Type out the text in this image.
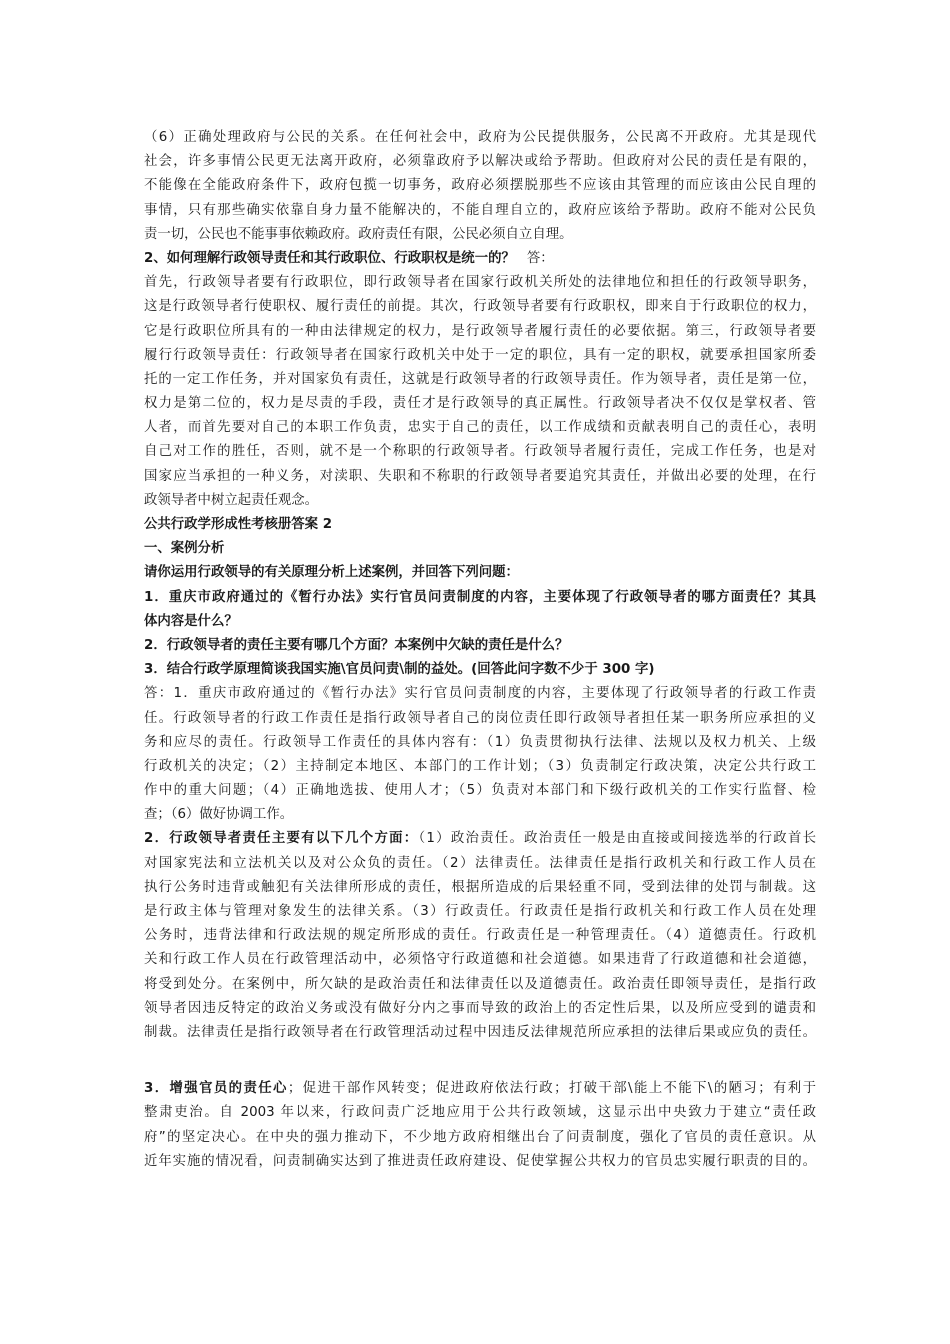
（6）正确处理政府与公民的关系。在任何社会中，政府为公民提供服务，公民离不开政府。尤其是现代
社会，许多事情公民更无法离开政府，必须靠政府予以解决或给予帮助。但政府对公民的责任是有限的，
不能像在全能政府条件下，政府包揽一切事务，政府必须摆脱那些不应该由其管理的而应该由公民自理的
事情，只有那些确实依靠自身力量不能解决的，不能自理自立的，政府应该给予帮助。政府不能对公民负
责一切，公民也不能事事依赖政府。政府责任有限，公民必须自立自理。
2、如何理解行政领导责任和其行政职位、行政职权是统一的？ 答：
首先，行政领导者要有行政职位，即行政领导者在国家行政机关所处的法律地位和担任的行政领导职务，
这是行政领导者行使职权、履行责任的前提。其次，行政领导者要有行政职权，即来自于行政职位的权力，
它是行政职位所具有的一种由法律规定的权力，是行政领导者履行责任的必要依据。第三，行政领导者要
履行行政领导责任：行政领导者在国家行政机关中处于一定的职位，具有一定的职权，就要承担国家所委
托的一定工作任务，并对国家负有责任，这就是行政领导者的行政领导责任。作为领导者，责任是第一位，
权力是第二位的，权力是尽责的手段，责任才是行政领导的真正属性。行政领导者决不仅仅是掌权者、管
人者，而首先要对自己的本职工作负责，忠实于自己的责任，以工作成绩和贡献表明自己的责任心，表明
自己对工作的胜任，否则，就不是一个称职的行政领导者。行政领导者履行责任，完成工作任务，也是对
国家应当承担的一种义务，对渎职、失职和不称职的行政领导者要追究其责任，并做出必要的处理，在行
政领导者中树立起责任观念。
公共行政学形成性考核册答案 2
一、案例分析
请你运用行政领导的有关原理分析上述案例，并回答下列问题：
1．重庆市政府通过的《暂行办法》实行官员问责制度的内容，主要体现了行政领导者的哪方面责任？其具
体内容是什么？
2．行政领导者的责任主要有哪几个方面？本案例中欠缺的责任是什么？
3．结合行政学原理简谈我国实施\官员问责\制的益处。(回答此问字数不少于 300 字)
答：1．重庆市政府通过的《暂行办法》实行官员问责制度的内容，主要体现了行政领导者的行政工作责
任。行政领导者的行政工作责任是指行政领导者自己的岗位责任即行政领导者担任某一职务所应承担的义
务和应尽的责任。行政领导工作责任的具体内容有：（1）负责贯彻执行法律、法规以及权力机关、上级
行政机关的决定；（2）主持制定本地区、本部门的工作计划；（3）负责制定行政决策，决定公共行政工
作中的重大问题；（4）正确地选拔、使用人才；（5）负责对本部门和下级行政机关的工作实行监督、检
查；（6）做好协调工作。
2．行政领导者责任主要有以下几个方面：（1）政治责任。政治责任一般是由直接或间接选举的行政首长
对国家宪法和立法机关以及对公众负的责任。（2）法律责任。法律责任是指行政机关和行政工作人员在
执行公务时违背或触犯有关法律所形成的责任，根据所造成的后果轻重不同，受到法律的处罚与制裁。这
是行政主体与管理对象发生的法律关系。（3）行政责任。行政责任是指行政机关和行政工作人员在处理
公务时，违背法律和行政法规的规定所形成的责任。行政责任是一种管理责任。（4）道德责任。行政机
关和行政工作人员在行政管理活动中，必须恪守行政道德和社会道德。如果违背了行政道德和社会道德，
将受到处分。在案例中，所欠缺的是政治责任和法律责任以及道德责任。政治责任即领导责任，是指行政
领导者因违反特定的政治义务或没有做好分内之事而导致的政治上的否定性后果，以及所应受到的谴责和
制裁。法律责任是指行政领导者在行政管理活动过程中因违反法律规范所应承担的法律后果或应负的责任。
3．增强官员的责任心；促进干部作风转变；促进政府依法行政；打破干部\能上不能下\的陋习；有利于
整肃吏治。自 2003 年以来，行政问责广泛地应用于公共行政领域，这显示出中央致力于建立“责任政
府”的坚定决心。在中央的强力推动下，不少地方政府相继出台了问责制度，强化了官员的责任意识。从
近年实施的情况看，问责制确实达到了推进责任政府建设、促使掌握公共权力的官员忠实履行职责的目的。
